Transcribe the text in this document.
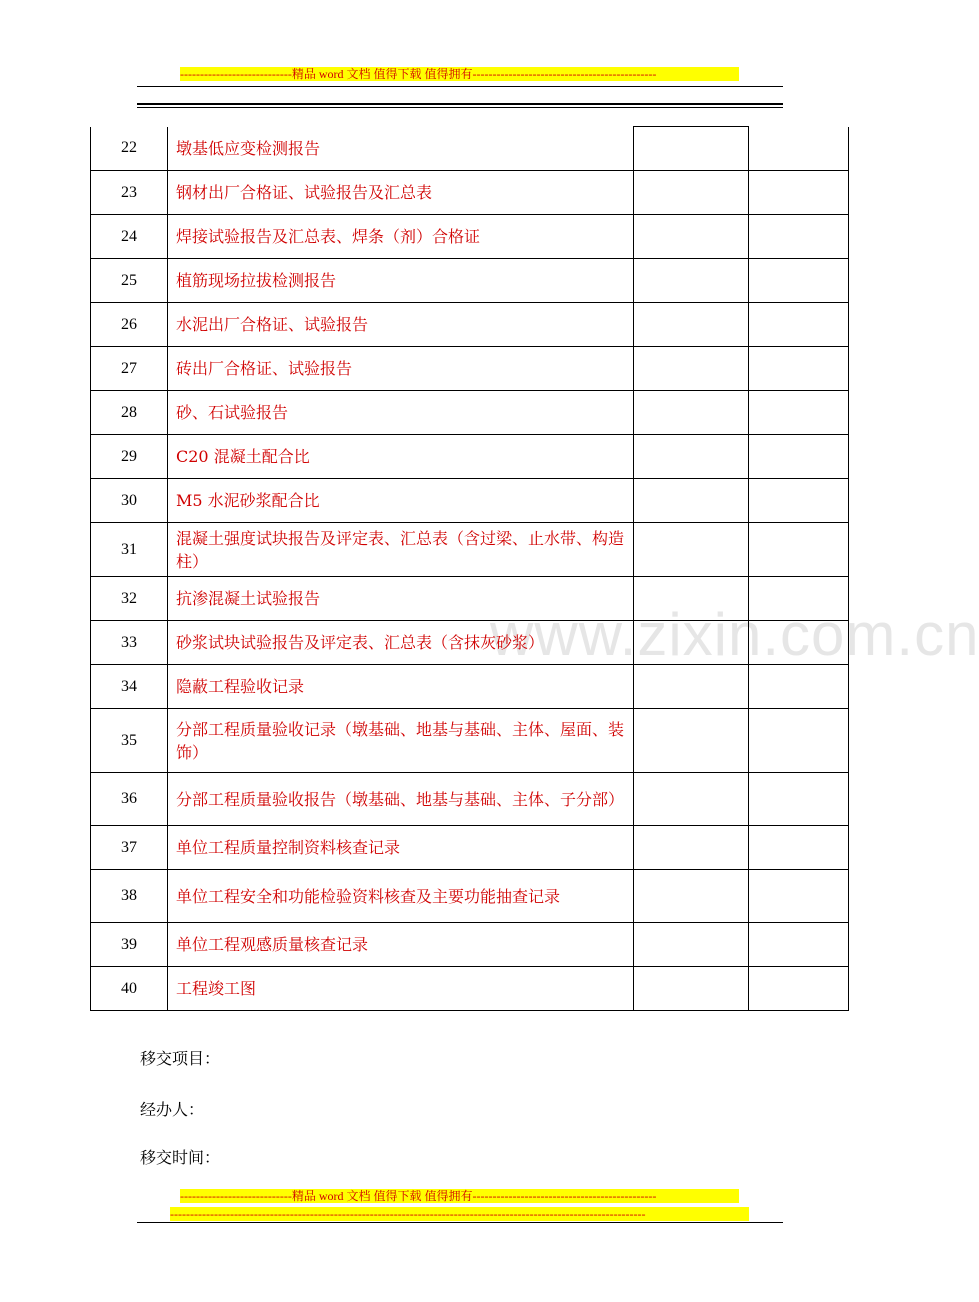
----------------------------精品 word 文档 值得下载 值得拥有----------------------------------------------
www.zixin.com.cn
22	墩基低应变检测报告		
23	钢材出厂合格证、试验报告及汇总表		
24	焊接试验报告及汇总表、焊条（剂）合格证		
25	植筋现场拉拔检测报告		
26	水泥出厂合格证、试验报告		
27	砖出厂合格证、试验报告		
28	砂、石试验报告		
29	C20 混凝土配合比		
30	M5 水泥砂浆配合比		
31	混凝土强度试块报告及评定表、汇总表（含过梁、止水带、构造柱）		
32	抗渗混凝土试验报告		
33	砂浆试块试验报告及评定表、汇总表（含抹灰砂浆）		
34	隐蔽工程验收记录		
35	分部工程质量验收记录（墩基础、地基与基础、主体、屋面、装饰）		
36	分部工程质量验收报告（墩基础、地基与基础、主体、子分部）		
37	单位工程质量控制资料核查记录		
38	单位工程安全和功能检验资料核查及主要功能抽查记录		
39	单位工程观感质量核查记录		
40	工程竣工图		
移交项目：
经办人：
移交时间：
----------------------------精品 word 文档 值得下载 值得拥有----------------------------------------------
-----------------------------------------------------------------------------------------------------------------------
